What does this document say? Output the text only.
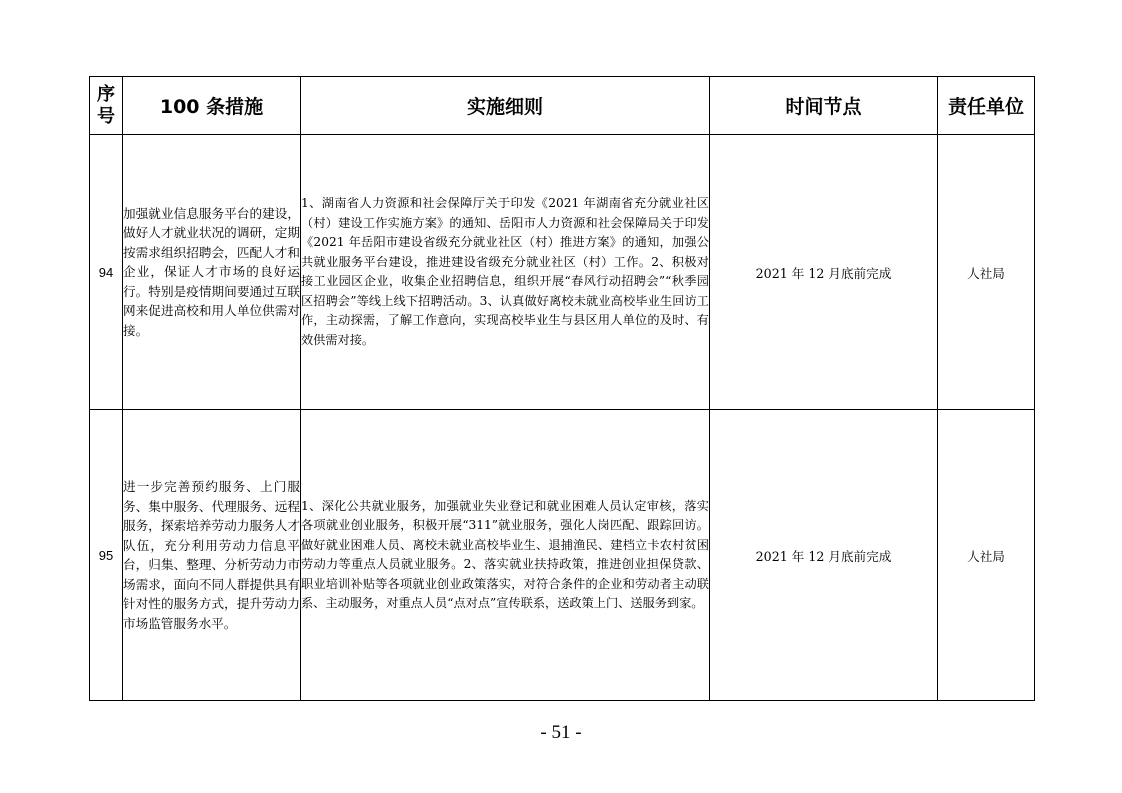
序
号	100 条措施	实施细则	时间节点	责任单位
94	加强就业信息服务平台的建设，做好人才就业状况的调研，定期按需求组织招聘会，匹配人才和企业，保证人才市场的良好运行。特别是疫情期间要通过互联网来促进高校和用人单位供需对接。	1、湖南省人力资源和社会保障厅关于印发《2021 年湖南省充分就业社区（村）建设工作实施方案》的通知、岳阳市人力资源和社会保障局关于印发《2021 年岳阳市建设省级充分就业社区（村）推进方案》的通知，加强公共就业服务平台建设，推进建设省级充分就业社区（村）工作。2、积极对接工业园区企业，收集企业招聘信息，组织开展“春风行动招聘会”“秋季园区招聘会”等线上线下招聘活动。3、认真做好离校未就业高校毕业生回访工作，主动探需，了解工作意向，实现高校毕业生与县区用人单位的及时、有效供需对接。	2021 年 12 月底前完成	人社局
95	进一步完善预约服务、上门服务、集中服务、代理服务、远程服务，探索培养劳动力服务人才队伍，充分利用劳动力信息平台，归集、整理、分析劳动力市场需求，面向不同人群提供具有针对性的服务方式，提升劳动力市场监管服务水平。	1、深化公共就业服务，加强就业失业登记和就业困难人员认定审核，落实各项就业创业服务，积极开展“311”就业服务，强化人岗匹配、跟踪回访。做好就业困难人员、离校未就业高校毕业生、退捕渔民、建档立卡农村贫困劳动力等重点人员就业服务。2、落实就业扶持政策，推进创业担保贷款、职业培训补贴等各项就业创业政策落实，对符合条件的企业和劳动者主动联系、主动服务，对重点人员“点对点”宣传联系，送政策上门、送服务到家。	2021 年 12 月底前完成	人社局
- 51 -
